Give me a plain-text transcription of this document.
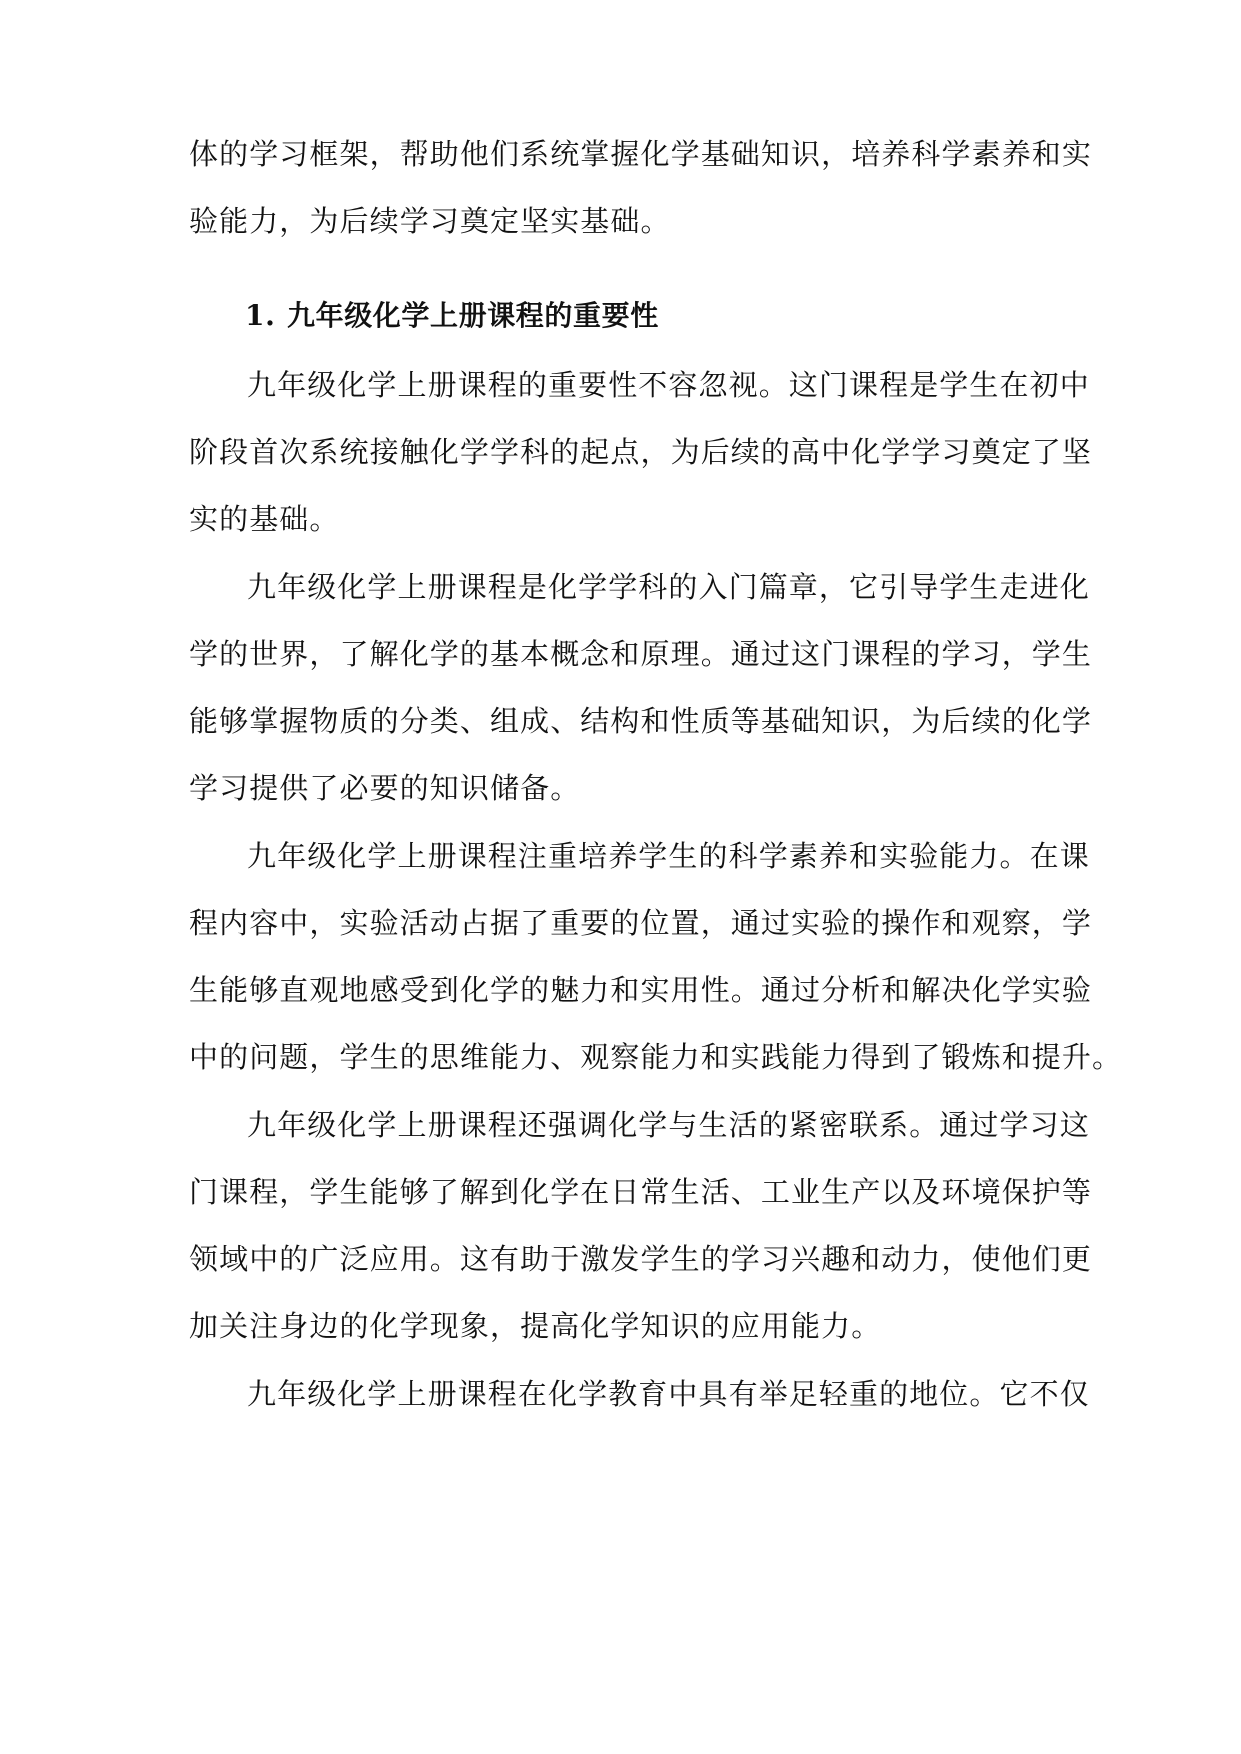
体的学习框架，帮助他们系统掌握化学基础知识，培养科学素养和实
验能力，为后续学习奠定坚实基础。
1. 九年级化学上册课程的重要性
九年级化学上册课程的重要性不容忽视。这门课程是学生在初中
阶段首次系统接触化学学科的起点，为后续的高中化学学习奠定了坚
实的基础。
九年级化学上册课程是化学学科的入门篇章，它引导学生走进化
学的世界，了解化学的基本概念和原理。通过这门课程的学习，学生
能够掌握物质的分类、组成、结构和性质等基础知识，为后续的化学
学习提供了必要的知识储备。
九年级化学上册课程注重培养学生的科学素养和实验能力。在课
程内容中，实验活动占据了重要的位置，通过实验的操作和观察，学
生能够直观地感受到化学的魅力和实用性。通过分析和解决化学实验
中的问题，学生的思维能力、观察能力和实践能力得到了锻炼和提升。
九年级化学上册课程还强调化学与生活的紧密联系。通过学习这
门课程，学生能够了解到化学在日常生活、工业生产以及环境保护等
领域中的广泛应用。这有助于激发学生的学习兴趣和动力，使他们更
加关注身边的化学现象，提高化学知识的应用能力。
九年级化学上册课程在化学教育中具有举足轻重的地位。它不仅
